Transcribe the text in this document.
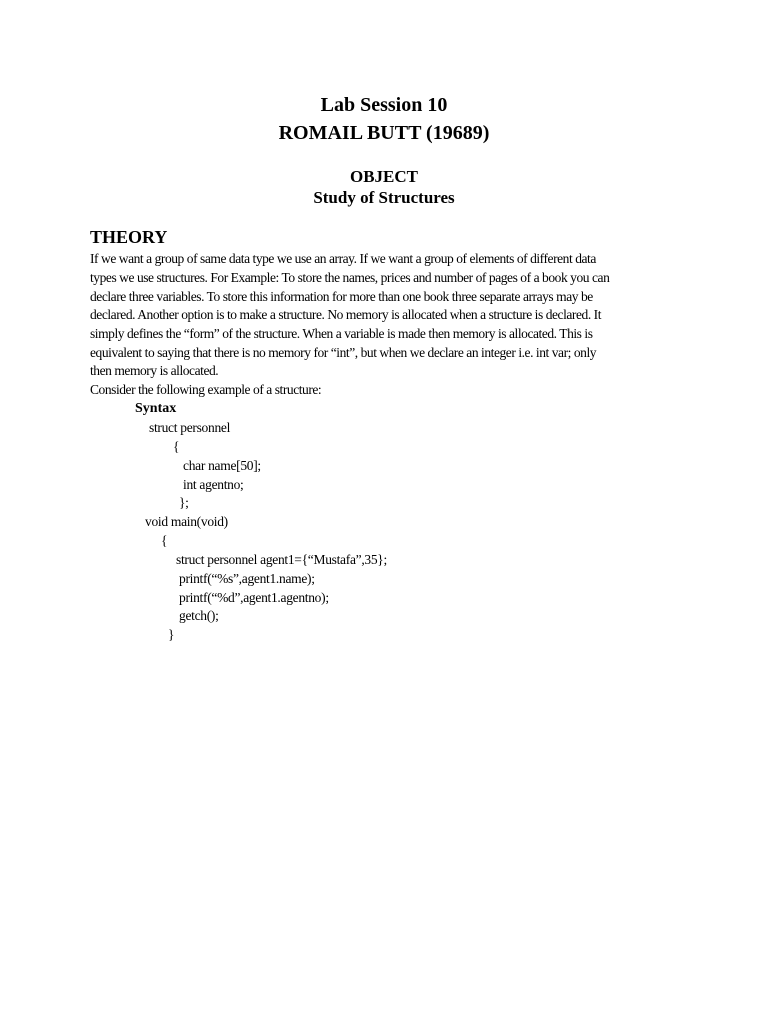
Lab Session 10
ROMAIL BUTT (19689)
OBJECT
Study of Structures
THEORY
If we want a group of same data type we use an array. If we want a group of elements of different data
types we use structures. For Example: To store the names, prices and number of pages of a book you can
declare three variables. To store this information for more than one book three separate arrays may be
declared. Another option is to make a structure. No memory is allocated when a structure is declared. It
simply defines the “form” of the structure. When a variable is made then memory is allocated. This is
equivalent to saying that there is no memory for “int”, but when we declare an integer i.e. int var; only
then memory is allocated.
Consider the following example of a structure:
Syntax
struct personnel
{
char name[50];
int agentno;
};
void main(void)
{
struct personnel agent1={“Mustafa”,35};
printf(“%s”,agent1.name);
printf(“%d”,agent1.agentno);
getch();
}
